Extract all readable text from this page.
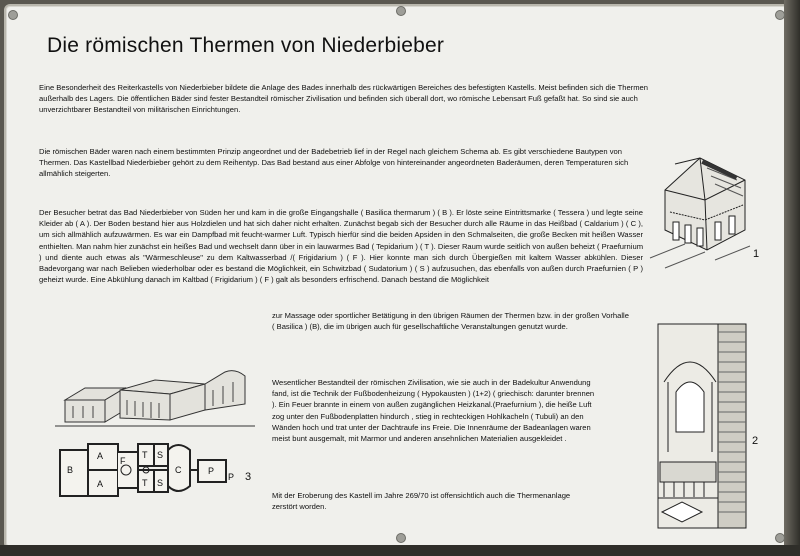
Die römischen Thermen von Niederbieber

Eine Besonderheit des Reiterkastells von Niederbieber bildete die Anlage des Bades innerhalb des rückwärtigen Bereiches des befestigten Kastells. Meist befinden sich die Thermen außerhalb des Lagers. Die öffentlichen Bäder sind fester Bestandteil römischer Zivilisation und befinden sich überall dort, wo römische Lebensart Fuß gefaßt hat. So sind sie auch unverzichtbarer Bestandteil von militärischen Einrichtungen.

Die römischen Bäder waren nach einem bestimmten Prinzip angeordnet und der Badebetrieb lief in der Regel nach gleichem Schema ab. Es gibt verschiedene Bautypen von Thermen. Das Kastellbad Niederbieber gehört zu dem Reihentyp. Das Bad bestand aus einer Abfolge von hintereinander angeordneten Baderäumen, deren Temperaturen sich allmählich steigerten.

Der Besucher betrat das Bad Niederbieber von Süden her und kam in die große Eingangshalle ( Basilica thermarum ) ( B ). Er löste seine Eintrittsmarke ( Tessera ) und legte seine Kleider ab ( A ). Der Boden bestand hier aus Holzdielen und hat sich daher nicht erhalten. Zunächst begab sich der Besucher durch alle Räume in das Heißbad ( Caldarium ) ( C ), um sich allmählich aufzuwärmen. Es war ein Dampfbad mit feucht-warmer Luft. Typisch hierfür sind die beiden Apsiden in den Schmalseiten, die große Becken mit heißen Wasser enthielten. Man nahm hier zunächst ein heißes Bad und wechselt dann über in ein lauwarmes Bad ( Tepidarium ) ( T ). Dieser Raum wurde seitlich von außen beheizt ( Praefurnium ) und diente auch etwas als "Wärmeschleuse" zu dem Kaltwasserbad /( Frigidarium ) ( F ). Hier konnte man sich durch Übergießen mit kaltem Wasser abkühlen. Dieser Badevorgang war nach Belieben wiederholbar oder es bestand die Möglichkeit, ein Schwitzbad ( Sudatorium ) ( S ) aufzusuchen, das ebenfalls von außen durch Praefurnien ( P ) geheizt wurde. Eine Abkühlung danach im Kaltbad ( Frigidarium ) ( F ) galt als besonders erfrischend. Danach bestand die Möglichkeit

zur Massage oder sportlicher Betätigung in den übrigen Räumen der Thermen bzw. in der großen Vorhalle ( Basilica ) (B), die im übrigen auch für gesellschaftliche Veranstaltungen genutzt wurde.

Wesentlicher Bestandteil der römischen Zivilisation, wie sie auch in der Badekultur Anwendung fand, ist die Technik der Fußbodenheizung ( Hypokausten ) (1+2) ( griechisch: darunter brennen ). Ein Feuer brannte in einem von außen zugänglichen Heizkanal.(Praefurnium ), die heiße Luft zog unter den Fußbodenplatten hindurch , stieg in rechteckigen Hohlkacheln ( Tubuli) an den Wänden hoch und trat unter der Dachtraufe ins Freie. Die Innenräume der Badeanlagen waren meist bunt ausgemalt, mit Marmor und anderen ansehnlichen Materialien ausgekleidet .

Mit der Eroberung des Kastell im Jahre 269/70 ist offensichtlich auch die Thermenanlage zerstört worden.

1
2
B
A
A
F
T
T
S
S
C	P
P 3
